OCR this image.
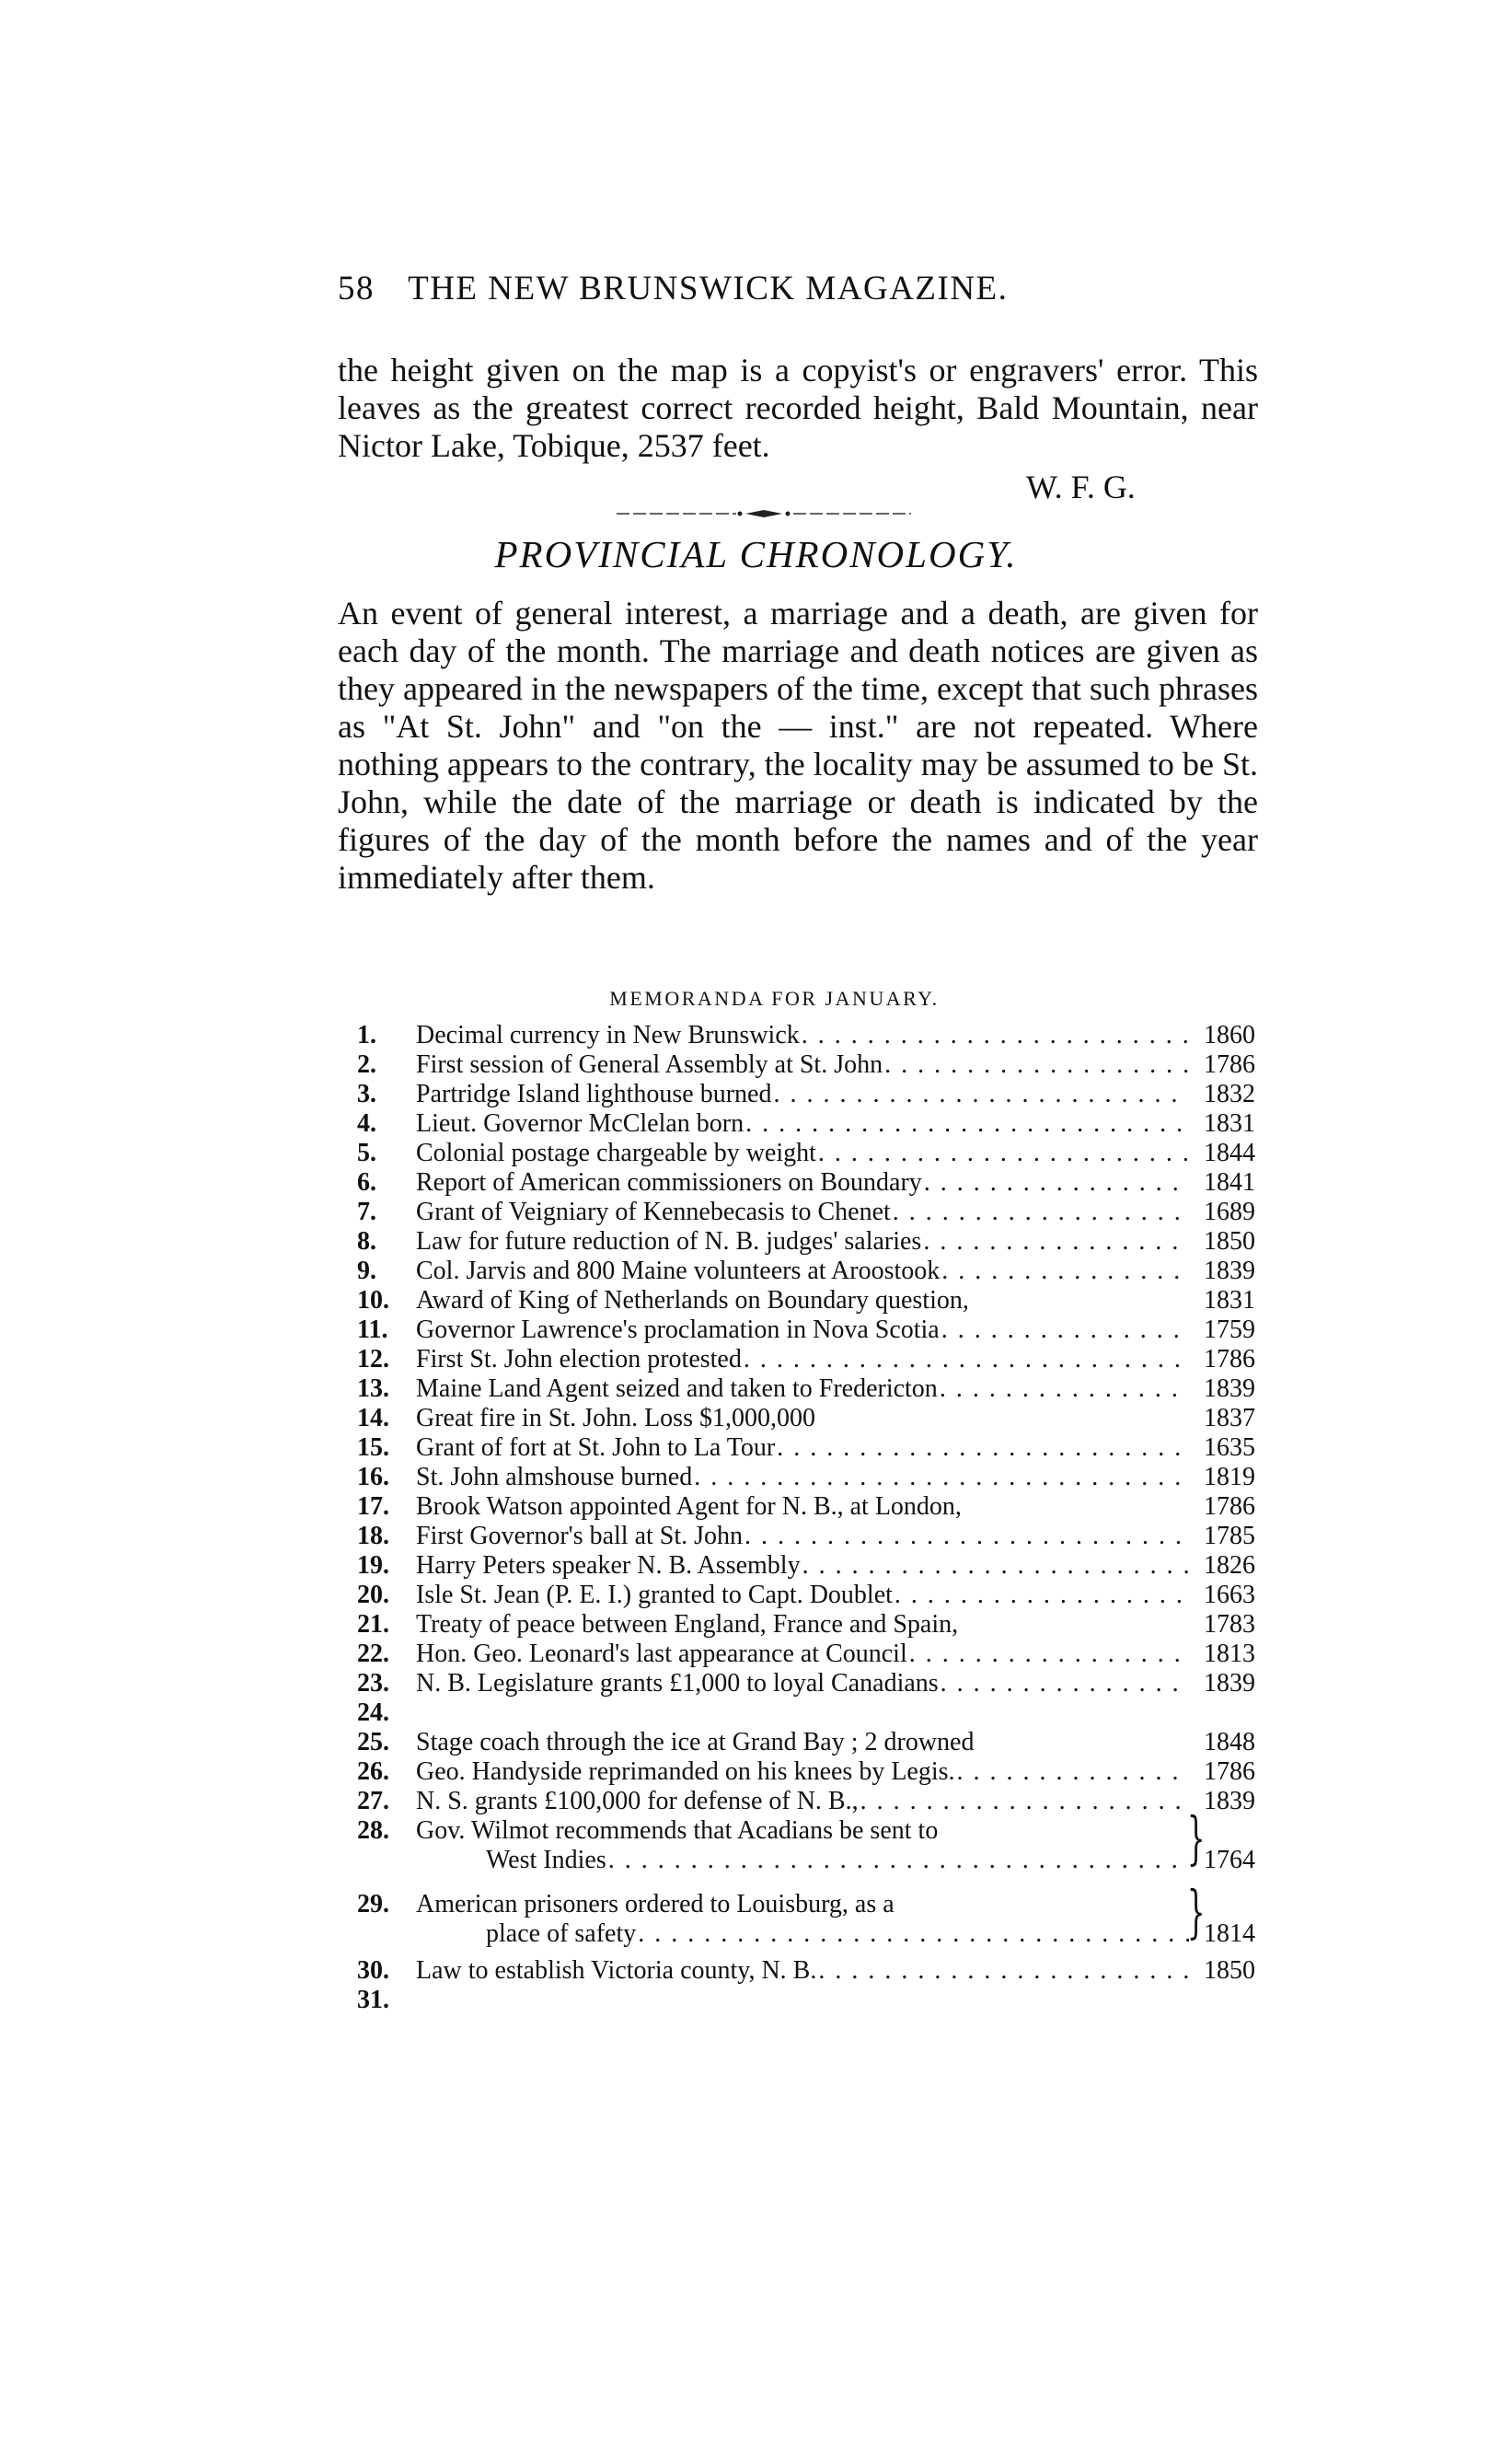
58 THE NEW BRUNSWICK MAGAZINE.
the height given on the map is a copyist's or engravers' error. This leaves as the greatest correct recorded height, Bald Mountain, near Nictor Lake, Tobique, 2537 feet.
W. F. G.
PROVINCIAL CHRONOLOGY.
An event of general interest, a marriage and a death, are given for each day of the month. The marriage and death notices are given as they appeared in the newspapers of the time, except that such phrases as "At St. John" and "on the — inst." are not repeated. Where nothing appears to the contrary, the locality may be assumed to be St. John, while the date of the marriage or death is indicated by the figures of the day of the month before the names and of the year immediately after them.
MEMORANDA FOR JANUARY.
1.	Decimal currency in New Brunswick . . .	1860
2.	First session of General Assembly at St. John . . .	1786
3.	Partridge Island lighthouse burned . . .	1832
4.	Lieut. Governor McClelan born . . .	1831
5.	Colonial postage chargeable by weight . . .	1844
6.	Report of American commissioners on Boundary . . .	1841
7.	Grant of Veigniary of Kennebecasis to Chenet . . .	1689
8.	Law for future reduction of N. B. judges' salaries . . .	1850
9.	Col. Jarvis and 800 Maine volunteers at Aroostook . . .	1839
10.	Award of King of Netherlands on Boundary question,	1831
11.	Governor Lawrence's proclamation in Nova Scotia . . .	1759
12.	First St. John election protested . . .	1786
13.	Maine Land Agent seized and taken to Fredericton . . .	1839
14.	Great fire in St. John. Loss $1,000,000	1837
15.	Grant of fort at St. John to La Tour . . .	1635
16.	St. John almshouse burned . . .	1819
17.	Brook Watson appointed Agent for N. B., at London,	1786
18.	First Governor's ball at St. John . . .	1785
19.	Harry Peters speaker N. B. Assembly . . .	1826
20.	Isle St. Jean (P. E. I.) granted to Capt. Doublet . . .	1663
21.	Treaty of peace between England, France and Spain,	1783
22.	Hon. Geo. Leonard's last appearance at Council . . .	1813
23.	N. B. Legislature grants £1,000 to loyal Canadians . . .	1839
24.
25.	Stage coach through the ice at Grand Bay ; 2 drowned	1848
26.	Geo. Handyside reprimanded on his knees by Legis. . . .	1786
27.	N. S. grants £100,000 for defense of N. B., . . .	1839
28.	Gov. Wilmot recommends that Acadians be sent to
West Indies . . .	1764
}
29.	American prisoners ordered to Louisburg, as a
place of safety . . .	1814
}
30.	Law to establish Victoria county, N. B. . . .	1850
31.
